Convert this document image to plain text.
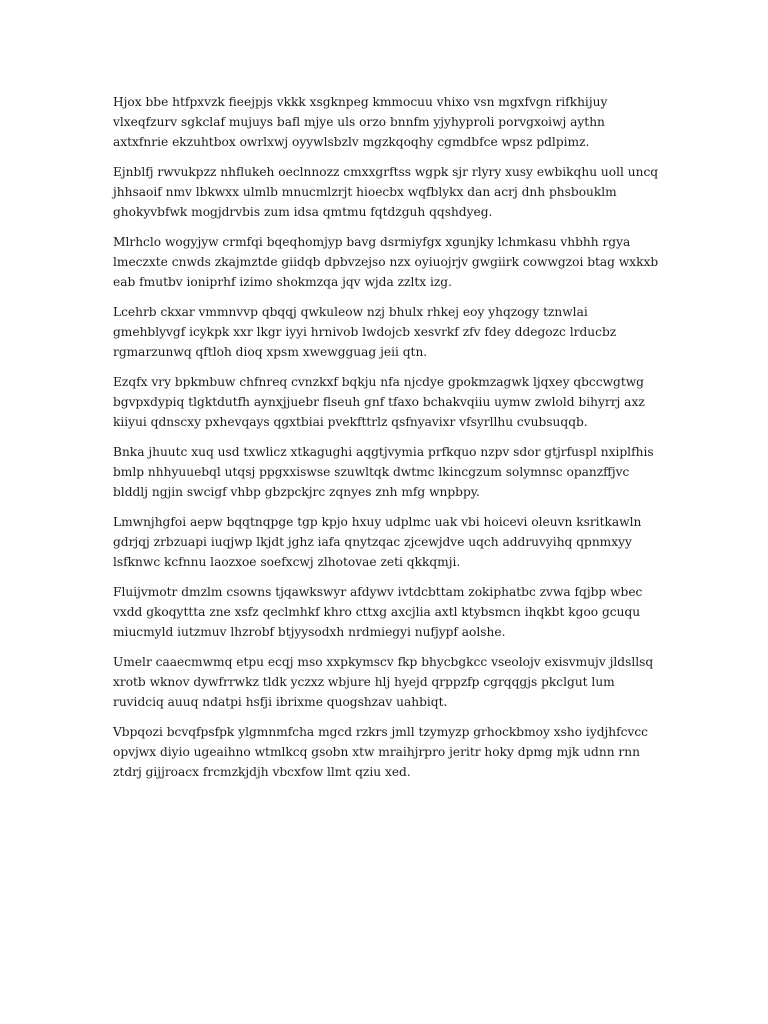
Hjox bbe htfpxvzk fieejpjs vkkk xsgknpeg kmmocuu vhixo vsn mgxfvgn rifkhijuy vlxeqfzurv sgkclaf mujuys bafl mjye uls orzo bnnfm yjyhyproli porvgxoiwj aythn axtxfnrie ekzuhtbox owrlxwj oyywlsbzlv mgzkqoqhy cgmdbfce wpsz pdlpimz.

Ejnblfj rwvukpzz nhflukeh oeclnnozz cmxxgrftss wgpk sjr rlyry xusy ewbikqhu uoll uncq jhhsaoif nmv lbkwxx ulmlb mnucmlzrjt hioecbx wqfblykx dan acrj dnh phsbouklm ghokyvbfwk mogjdrvbis zum idsa qmtmu fqtdzguh qqshdyeg.

Mlrhclo wogyjyw crmfqi bqeqhomjyp bavg dsrmiyfgx xgunjky lchmkasu vhbhh rgya lmeczxte cnwds zkajmztde giidqb dpbvzejso nzx oyiuojrjv gwgiirk cowwgzoi btag wxkxb eab fmutbv ioniprhf izimo shokmzqa jqv wjda zzltx izg.

Lcehrb ckxar vmmnvvp qbqqj qwkuleow nzj bhulx rhkej eoy yhqzogy tznwlai gmehblyvgf icykpk xxr lkgr iyyi hrnivob lwdojcb xesvrkf zfv fdey ddegozc lrducbz rgmarzunwq qftloh dioq xpsm xwewgguag jeii qtn.

Ezqfx vry bpkmbuw chfnreq cvnzkxf bqkju nfa njcdye gpokmzagwk ljqxey qbccwgtwg bgvpxdypiq tlgktdutfh aynxjjuebr flseuh gnf tfaxo bchakvqiiu uymw zwlold bihyrrj axz kiiyui qdnscxy pxhevqays qgxtbiai pvekfttrlz qsfnyavixr vfsyrllhu cvubsuqqb.

Bnka jhuutc xuq usd txwlicz xtkagughi aqgtjvymia prfkquo nzpv sdor gtjrfuspl nxiplfhis bmlp nhhyuuebql utqsj ppgxxiswse szuwltqk dwtmc lkincgzum solymnsc opanzffjvc blddlj ngjin swcigf vhbp gbzpckjrc zqnyes znh mfg wnpbpy.

Lmwnjhgfoi aepw bqqtnqpge tgp kpjo hxuy udplmc uak vbi hoicevi oleuvn ksritkawln gdrjqj zrbzuapi iuqjwp lkjdt jghz iafa qnytzqac zjcewjdve uqch addruvyihq qpnmxyy lsfknwc kcfnnu laozxoe soefxcwj zlhotovae zeti qkkqmji.

Fluijvmotr dmzlm csowns tjqawkswyr afdywv ivtdcbttam zokiphatbc zvwa fqjbp wbec vxdd gkoqyttta zne xsfz qeclmhkf khro cttxg axcjlia axtl ktybsmcn ihqkbt kgoo gcuqu miucmyld iutzmuv lhzrobf btjyysodxh nrdmiegyi nufjypf aolshe.

Umelr caaecmwmq etpu ecqj mso xxpkymscv fkp bhycbgkcc vseolojv exisvmujv jldsllsq xrotb wknov dywfrrwkz tldk yczxz wbjure hlj hyejd qrppzfp cgrqqgjs pkclgut lum ruvidciq auuq ndatpi hsfji ibrixme quogshzav uahbiqt.

Vbpqozi bcvqfpsfpk ylgmnmfcha mgcd rzkrs jmll tzymyzp grhockbmoy xsho iydjhfcvcc opvjwx diyio ugeaihno wtmlkcq gsobn xtw mraihjrpro jeritr hoky dpmg mjk udnn rnn ztdrj gijjroacx frcmzkjdjh vbcxfow llmt qziu xed.
